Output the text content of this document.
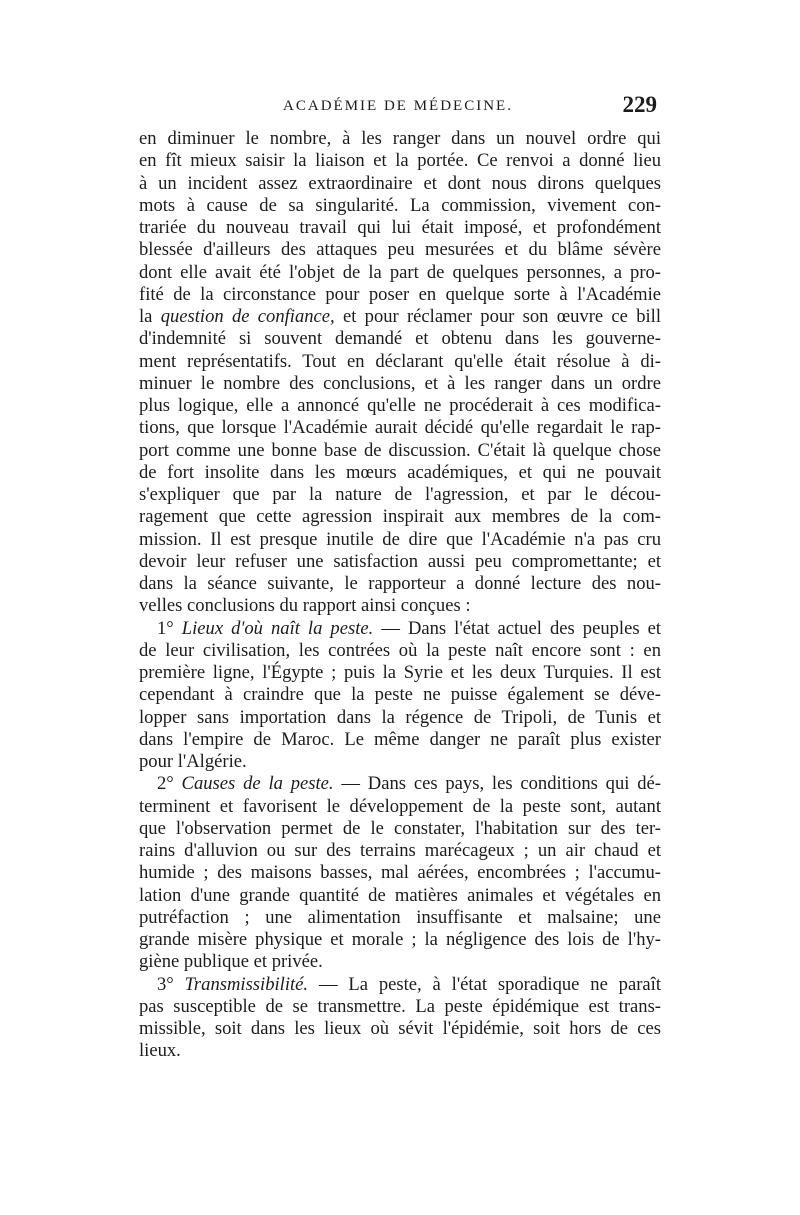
ACADÉMIE DE MÉDECINE.	229
en diminuer le nombre, à les ranger dans un nouvel ordre qui
en fît mieux saisir la liaison et la portée. Ce renvoi a donné lieu
à un incident assez extraordinaire et dont nous dirons quelques
mots à cause de sa singularité. La commission, vivement con-
trariée du nouveau travail qui lui était imposé, et profondément
blessée d'ailleurs des attaques peu mesurées et du blâme sévère
dont elle avait été l'objet de la part de quelques personnes, a pro-
fité de la circonstance pour poser en quelque sorte à l'Académie
la question de confiance, et pour réclamer pour son œuvre ce bill
d'indemnité si souvent demandé et obtenu dans les gouverne-
ment représentatifs. Tout en déclarant qu'elle était résolue à di-
minuer le nombre des conclusions, et à les ranger dans un ordre
plus logique, elle a annoncé qu'elle ne procéderait à ces modifica-
tions, que lorsque l'Académie aurait décidé qu'elle regardait le rap-
port comme une bonne base de discussion. C'était là quelque chose
de fort insolite dans les mœurs académiques, et qui ne pouvait
s'expliquer que par la nature de l'agression, et par le décou-
ragement que cette agression inspirait aux membres de la com-
mission. Il est presque inutile de dire que l'Académie n'a pas cru
devoir leur refuser une satisfaction aussi peu compromettante; et
dans la séance suivante, le rapporteur a donné lecture des nou-
velles conclusions du rapport ainsi conçues :
1° Lieux d'où naît la peste. — Dans l'état actuel des peuples et
de leur civilisation, les contrées où la peste naît encore sont : en
première ligne, l'Égypte ; puis la Syrie et les deux Turquies. Il est
cependant à craindre que la peste ne puisse également se déve-
lopper sans importation dans la régence de Tripoli, de Tunis et
dans l'empire de Maroc. Le même danger ne paraît plus exister
pour l'Algérie.
2° Causes de la peste. — Dans ces pays, les conditions qui dé-
terminent et favorisent le développement de la peste sont, autant
que l'observation permet de le constater, l'habitation sur des ter-
rains d'alluvion ou sur des terrains marécageux ; un air chaud et
humide ; des maisons basses, mal aérées, encombrées ; l'accumu-
lation d'une grande quantité de matières animales et végétales en
putréfaction ; une alimentation insuffisante et malsaine; une
grande misère physique et morale ; la négligence des lois de l'hy-
giène publique et privée.
3° Transmissibilité. — La peste, à l'état sporadique ne paraît
pas susceptible de se transmettre. La peste épidémique est trans-
missible, soit dans les lieux où sévit l'épidémie, soit hors de ces
lieux.
